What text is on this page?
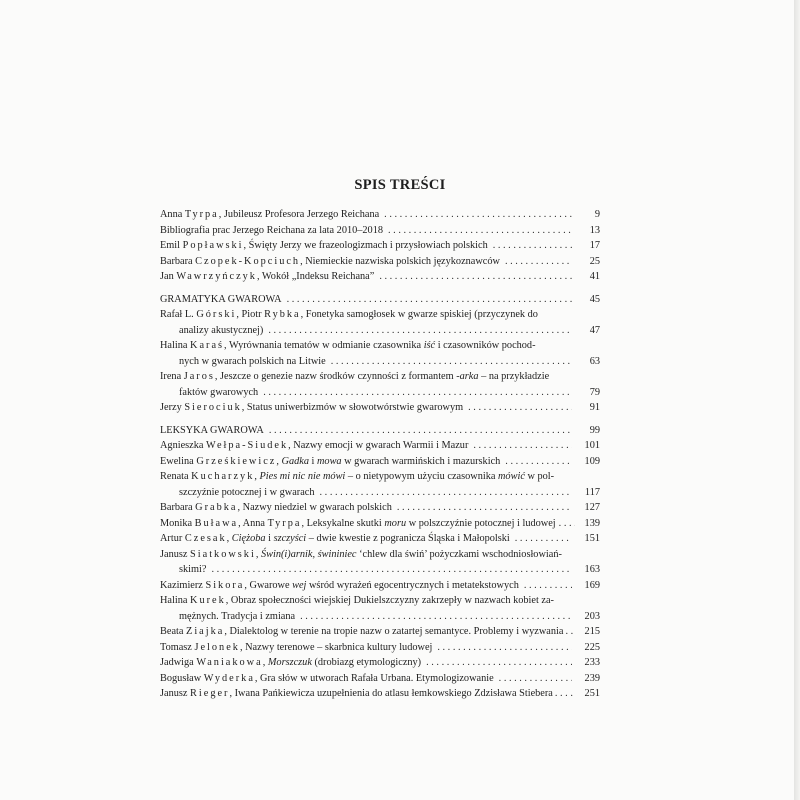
SPIS TREŚCI
Anna Tyrpa, Jubileusz Profesora Jerzego Reichana . . .	9
Bibliografia prac Jerzego Reichana za lata 2010–2018 . . .	13
Emil Popławski, Święty Jerzy we frazeologizmach i przysłowiach polskich . . .	17
Barbara Czopek-Kopciuch, Niemieckie nazwiska polskich językoznawców . . .	25
Jan Wawrzyńczyk, Wokół „Indeksu Reichana” . . .	41
GRAMATYKA GWAROWA . . .	45
Rafał L. Górski, Piotr Rybka, Fonetyka samogłosek w gwarze spiskiej (przyczynek do
analizy akustycznej) . . .	47
Halina Karaś, Wyrównania tematów w odmianie czasownika iść i czasowników pochod-
nych w gwarach polskich na Litwie . . .	63
Irena Jaros, Jeszcze o genezie nazw środków czynności z formantem -arka – na przykładzie
faktów gwarowych . . .	79
Jerzy Sierociuk, Status uniwerbizmów w słowotwórstwie gwarowym . . .	91
LEKSYKA GWAROWA . . .	99
Agnieszka Wełpa-Siudek, Nazwy emocji w gwarach Warmii i Mazur . . .	101
Ewelina Grześkiewicz, Gadka i mowa w gwarach warmińskich i mazurskich . . .	109
Renata Kucharzyk, Pies mi nic nie mówi – o nietypowym użyciu czasownika mówić w pol-
szczyźnie potocznej i w gwarach . . .	117
Barbara Grabka, Nazwy niedziel w gwarach polskich . . .	127
Monika Buława, Anna Tyrpa, Leksykalne skutki moru w polszczyźnie potocznej i ludowej . . .	139
Artur Czesak, Ciężoba i szczyści – dwie kwestie z pogranicza Śląska i Małopolski . . .	151
Janusz Siatkowski, Świn(i)arnik, świniniec ‘chlew dla świń’ pożyczkami wschodniosłowiań-
skimi? . . .	163
Kazimierz Sikora, Gwarowe wej wśród wyrażeń egocentrycznych i metatekstowych . . .	169
Halina Kurek, Obraz społeczności wiejskiej Dukielszczyzny zakrzepły w nazwach kobiet za-
mężnych. Tradycja i zmiana . . .	203
Beata Ziajka, Dialektolog w terenie na tropie nazw o zatartej semantyce. Problemy i wyzwania . . .	215
Tomasz Jelonek, Nazwy terenowe – skarbnica kultury ludowej . . .	225
Jadwiga Waniakowa, Morszczuk (drobiazg etymologiczny) . . .	233
Bogusław Wyderka, Gra słów w utworach Rafała Urbana. Etymologizowanie . . .	239
Janusz Rieger, Iwana Pańkiewicza uzupełnienia do atlasu łemkowskiego Zdzisława Stiebera . . .	251
